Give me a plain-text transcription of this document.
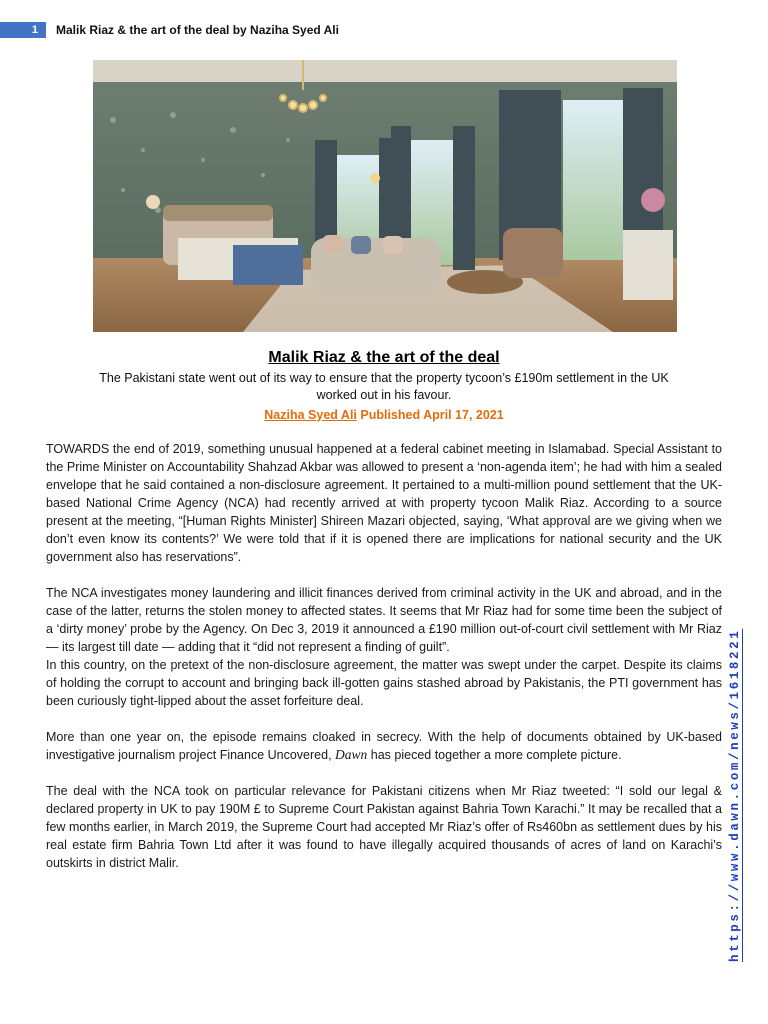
1	Malik Riaz & the art of the deal by Naziha Syed Ali
Malik Riaz & the art of the deal
The Pakistani state went out of its way to ensure that the property tycoon’s £190m settlement in the UK
worked out in his favour.
Naziha Syed Ali Published April 17, 2021

TOWARDS the end of 2019, something unusual happened at a federal cabinet meeting in Islamabad. Special Assistant to the Prime Minister on Accountability Shahzad Akbar was allowed to present a ‘non-agenda item’; he had with him a sealed envelope that he said contained a non-disclosure agreement. It pertained to a multi-million pound settlement that the UK-based National Crime Agency (NCA) had recently arrived at with property tycoon Malik Riaz. According to a source present at the meeting, “[Human Rights Minister] Shireen Mazari objected, saying, ‘What approval are we giving when we don’t even know its contents?’ We were told that if it is opened there are implications for national security and the UK government also has reservations”.

The NCA investigates money laundering and illicit finances derived from criminal activity in the UK and abroad, and in the case of the latter, returns the stolen money to affected states. It seems that Mr Riaz had for some time been the subject of a ‘dirty money’ probe by the Agency. On Dec 3, 2019 it announced a £190 million out-of-court civil settlement with Mr Riaz — its largest till date — adding that it “did not represent a finding of guilt”.

In this country, on the pretext of the non-disclosure agreement, the matter was swept under the carpet. Despite its claims of holding the corrupt to account and bringing back ill-gotten gains stashed abroad by Pakistanis, the PTI government has been curiously tight-lipped about the asset forfeiture deal.

More than one year on, the episode remains cloaked in secrecy. With the help of documents obtained by UK-based investigative journalism project Finance Uncovered, Dawn has pieced together a more complete picture.

The deal with the NCA took on particular relevance for Pakistani citizens when Mr Riaz tweeted: “I sold our legal & declared property in UK to pay 190M £ to Supreme Court Pakistan against Bahria Town Karachi.” It may be recalled that a few months earlier, in March 2019, the Supreme Court had accepted Mr Riaz’s offer of Rs460bn as settlement dues by his real estate firm Bahria Town Ltd after it was found to have illegally acquired thousands of acres of land on Karachi’s outskirts in district Malir.	https://www.dawn.com/news/1618221
